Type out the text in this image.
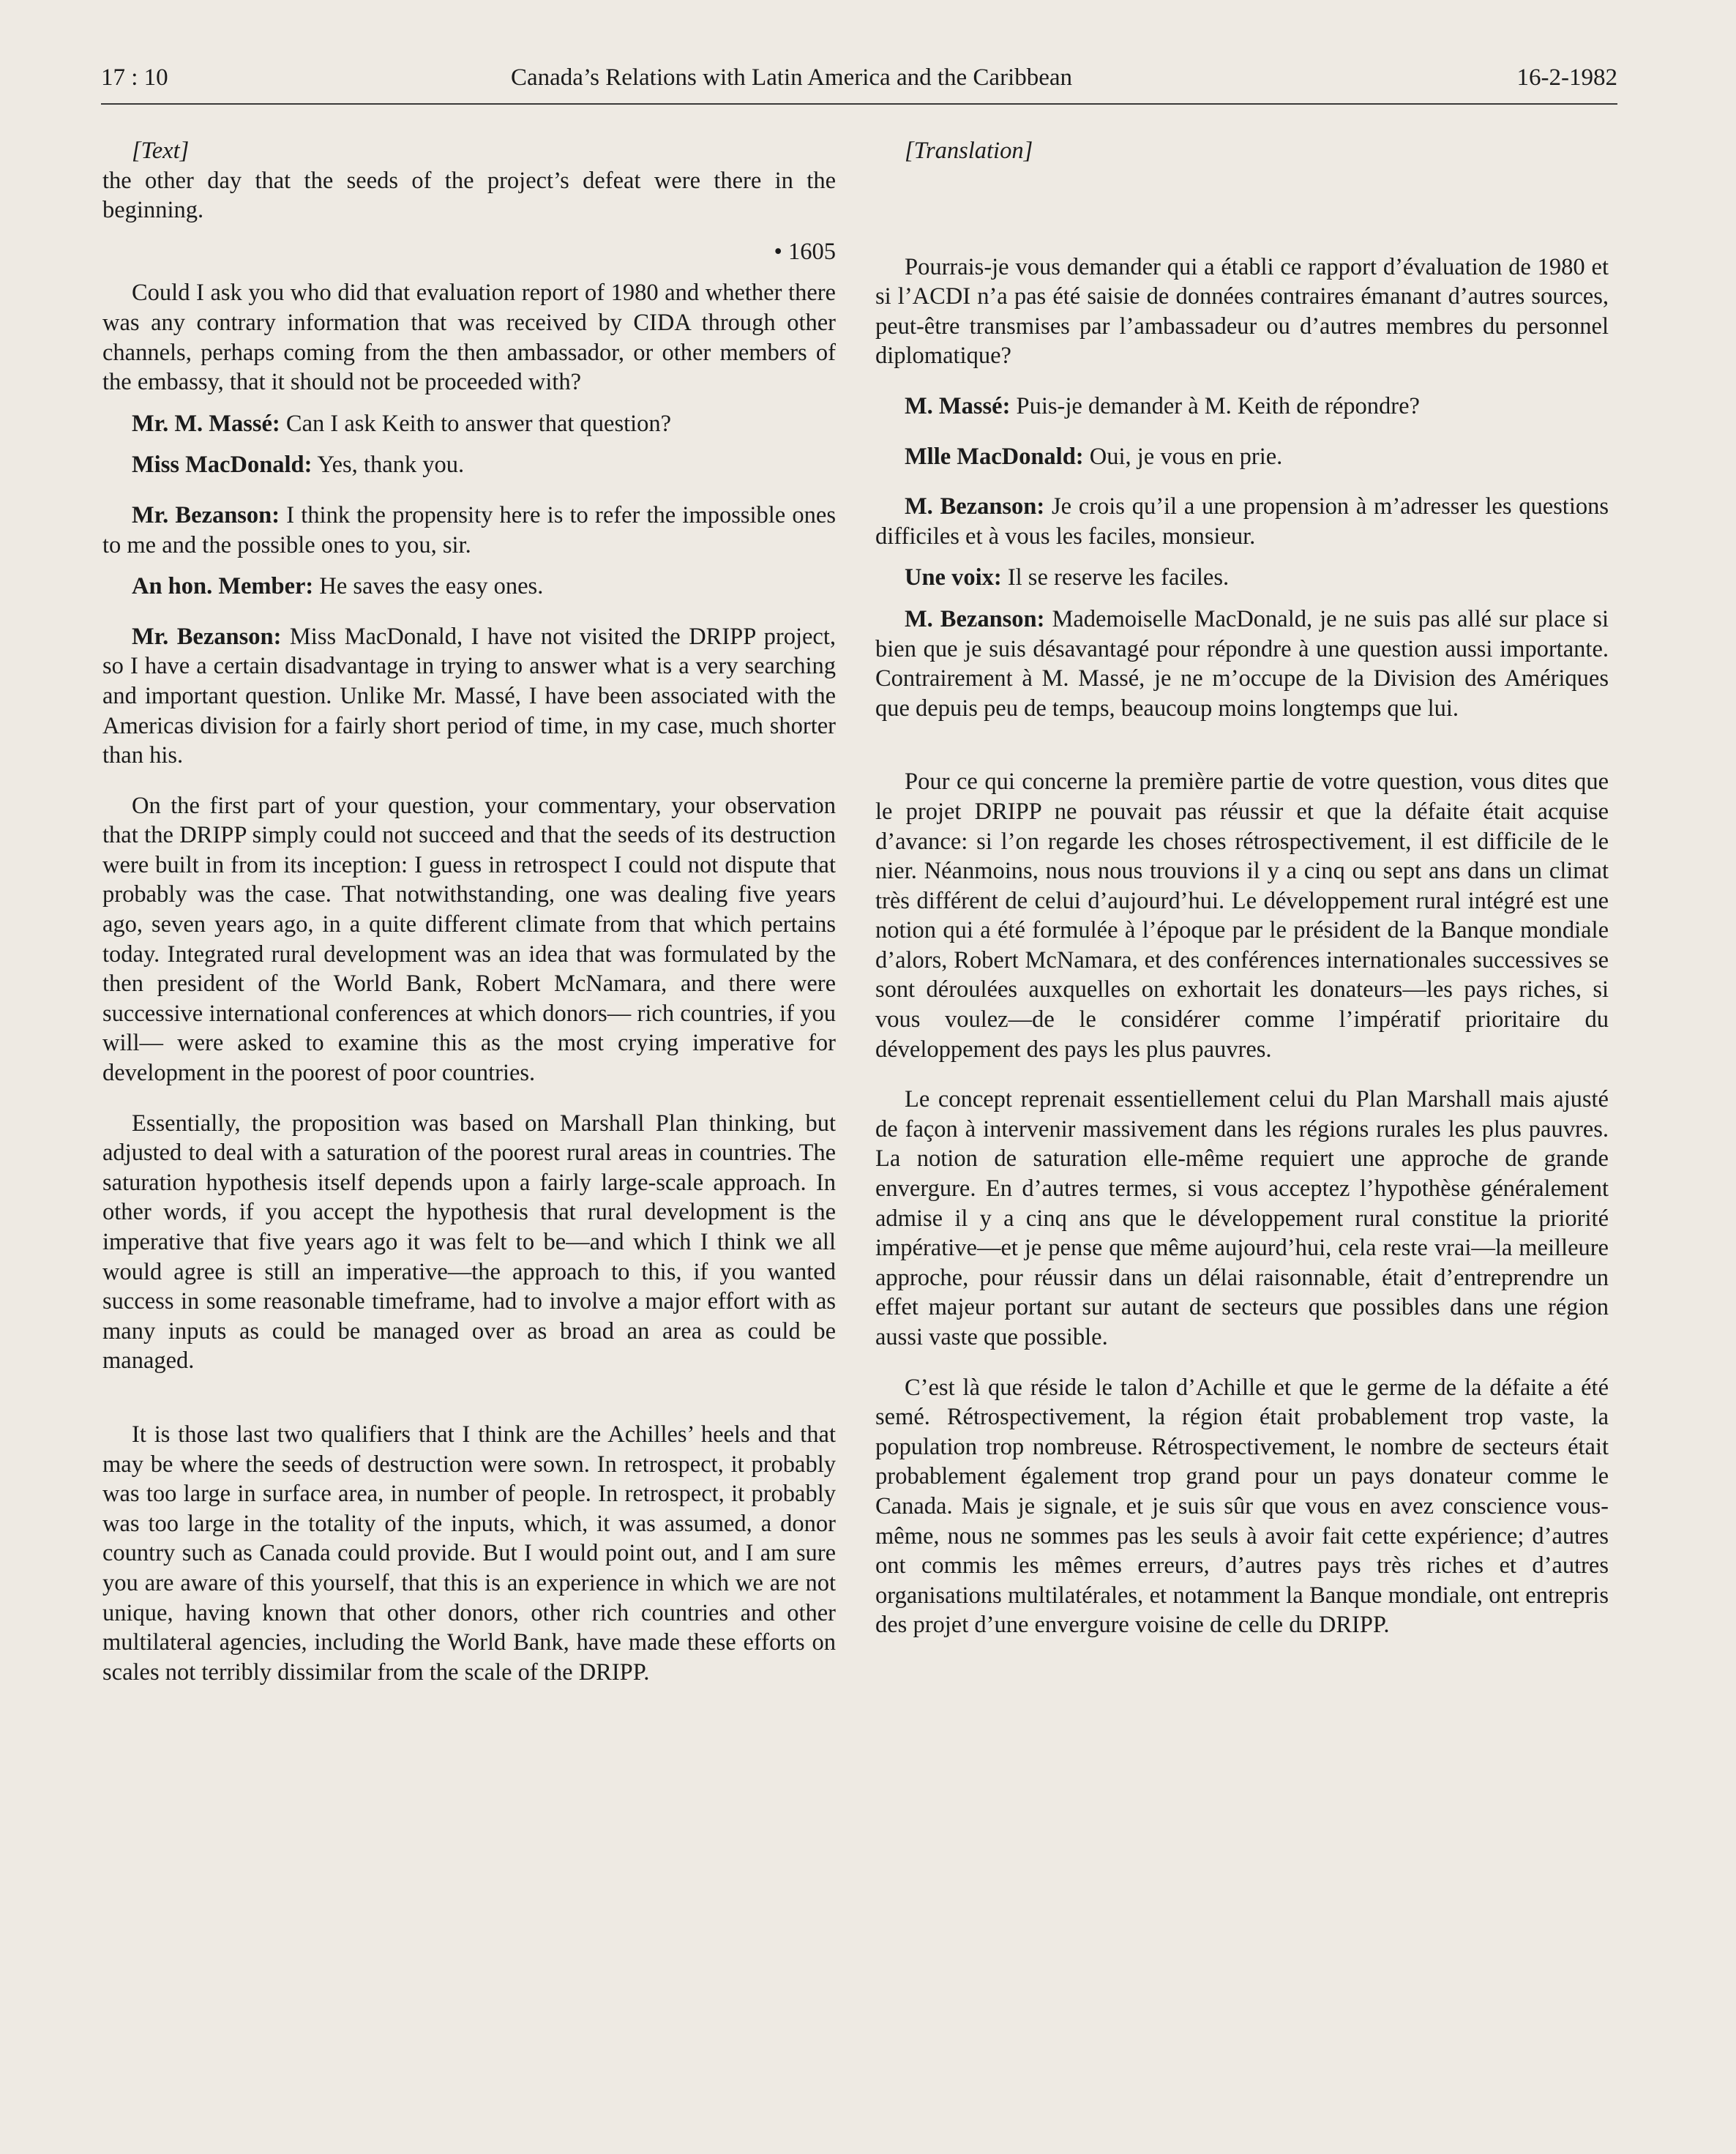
17 : 10	Canada’s Relations with Latin America and the Caribbean	16-2-1982

[Text]

the other day that the seeds of the project’s defeat were there in the beginning.

• 1605

Could I ask you who did that evaluation report of 1980 and whether there was any contrary information that was received by CIDA through other channels, perhaps coming from the then ambassador, or other members of the embassy, that it should not be proceeded with?

Mr. M. Massé: Can I ask Keith to answer that question?

Miss MacDonald: Yes, thank you.

Mr. Bezanson: I think the propensity here is to refer the impossible ones to me and the possible ones to you, sir.

An hon. Member: He saves the easy ones.

Mr. Bezanson: Miss MacDonald, I have not visited the DRIPP project, so I have a certain disadvantage in trying to answer what is a very searching and important question. Unlike Mr. Massé, I have been associated with the Americas division for a fairly short period of time, in my case, much shorter than his.

On the first part of your question, your commentary, your observation that the DRIPP simply could not succeed and that the seeds of its destruction were built in from its inception: I guess in retrospect I could not dispute that probably was the case. That notwithstanding, one was dealing five years ago, seven years ago, in a quite different climate from that which pertains today. Integrated rural development was an idea that was formulated by the then president of the World Bank, Robert McNamara, and there were successive international conferences at which donors— rich countries, if you will— were asked to examine this as the most crying imperative for development in the poorest of poor countries.

Essentially, the proposition was based on Marshall Plan thinking, but adjusted to deal with a saturation of the poorest rural areas in countries. The saturation hypothesis itself depends upon a fairly large-scale approach. In other words, if you accept the hypothesis that rural development is the imperative that five years ago it was felt to be—and which I think we all would agree is still an imperative—the approach to this, if you wanted success in some reasonable timeframe, had to involve a major effort with as many inputs as could be managed over as broad an area as could be managed.

It is those last two qualifiers that I think are the Achilles’ heels and that may be where the seeds of destruction were sown. In retrospect, it probably was too large in surface area, in number of people. In retrospect, it probably was too large in the totality of the inputs, which, it was assumed, a donor country such as Canada could provide. But I would point out, and I am sure you are aware of this yourself, that this is an experience in which we are not unique, having known that other donors, other rich countries and other multilateral agencies, including the World Bank, have made these efforts on scales not terribly dissimilar from the scale of the DRIPP.

[Translation]

Pourrais-je vous demander qui a établi ce rapport d’évaluation de 1980 et si l’ACDI n’a pas été saisie de données contraires émanant d’autres sources, peut-être transmises par l’ambassadeur ou d’autres membres du personnel diplomatique?

M. Massé: Puis-je demander à M. Keith de répondre?

Mlle MacDonald: Oui, je vous en prie.

M. Bezanson: Je crois qu’il a une propension à m’adresser les questions difficiles et à vous les faciles, monsieur.

Une voix: Il se reserve les faciles.

M. Bezanson: Mademoiselle MacDonald, je ne suis pas allé sur place si bien que je suis désavantagé pour répondre à une question aussi importante. Contrairement à M. Massé, je ne m’occupe de la Division des Amériques que depuis peu de temps, beaucoup moins longtemps que lui.

Pour ce qui concerne la première partie de votre question, vous dites que le projet DRIPP ne pouvait pas réussir et que la défaite était acquise d’avance: si l’on regarde les choses rétrospectivement, il est difficile de le nier. Néanmoins, nous nous trouvions il y a cinq ou sept ans dans un climat très différent de celui d’aujourd’hui. Le développement rural intégré est une notion qui a été formulée à l’époque par le président de la Banque mondiale d’alors, Robert McNamara, et des conférences internationales successives se sont déroulées auxquelles on exhortait les donateurs—les pays riches, si vous voulez—de le considérer comme l’impératif prioritaire du développement des pays les plus pauvres.

Le concept reprenait essentiellement celui du Plan Marshall mais ajusté de façon à intervenir massivement dans les régions rurales les plus pauvres. La notion de saturation elle-même requiert une approche de grande envergure. En d’autres termes, si vous acceptez l’hypothèse généralement admise il y a cinq ans que le développement rural constitue la priorité impérative—et je pense que même aujourd’hui, cela reste vrai—la meilleure approche, pour réussir dans un délai raisonnable, était d’entreprendre un effet majeur portant sur autant de secteurs que possibles dans une région aussi vaste que possible.

C’est là que réside le talon d’Achille et que le germe de la défaite a été semé. Rétrospectivement, la région était probablement trop vaste, la population trop nombreuse. Rétrospectivement, le nombre de secteurs était probablement également trop grand pour un pays donateur comme le Canada. Mais je signale, et je suis sûr que vous en avez conscience vous-même, nous ne sommes pas les seuls à avoir fait cette expérience; d’autres ont commis les mêmes erreurs, d’autres pays très riches et d’autres organisations multilatérales, et notamment la Banque mondiale, ont entrepris des projet d’une envergure voisine de celle du DRIPP.
